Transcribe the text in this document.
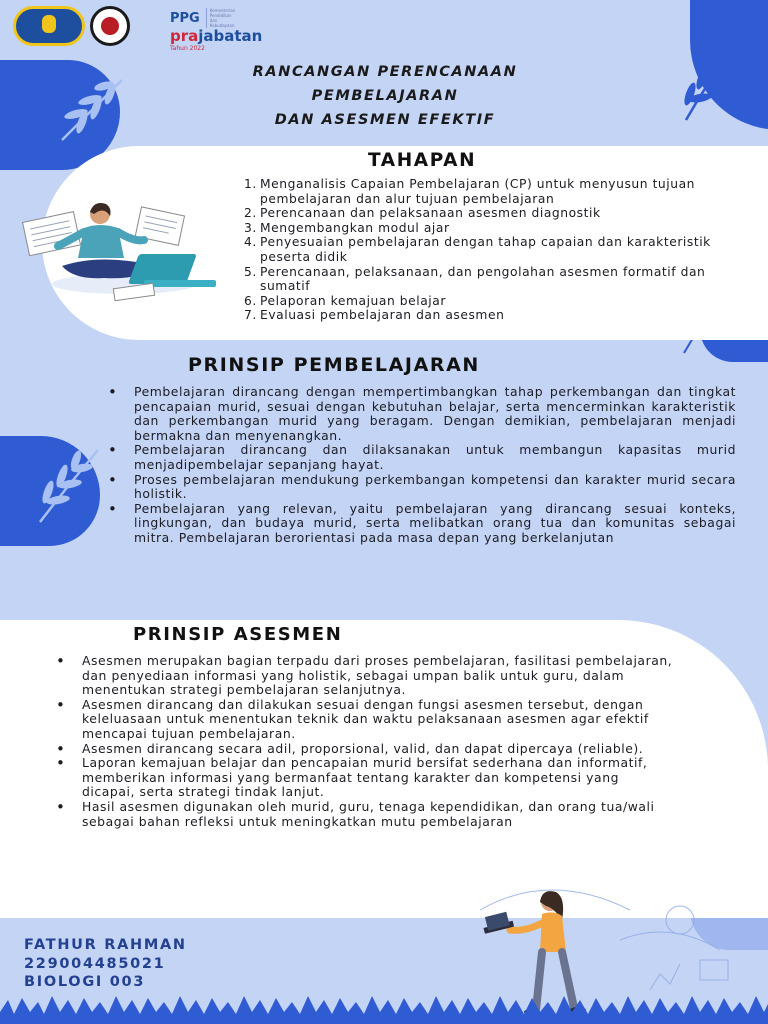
PPG	Kementerian Pendidikan dan Kebudayaan
prajabatan
Tahun 2022
RANCANGAN PERENCANAAN
PEMBELAJARAN
DAN ASESMEN EFEKTIF
TAHAPAN
1. Menganalisis Capaian Pembelajaran (CP) untuk menyusun tujuan pembelajaran dan alur tujuan pembelajaran
2. Perencanaan dan pelaksanaan asesmen diagnostik
3. Mengembangkan modul ajar
4. Penyesuaian pembelajaran dengan tahap capaian dan karakteristik peserta didik
5. Perencanaan, pelaksanaan, dan pengolahan asesmen formatif dan sumatif
6. Pelaporan kemajuan belajar
7. Evaluasi pembelajaran dan asesmen
PRINSIP PEMBELAJARAN
• Pembelajaran dirancang dengan mempertimbangkan tahap perkembangan dan tingkat pencapaian murid, sesuai dengan kebutuhan belajar, serta mencerminkan karakteristik dan perkembangan murid yang beragam. Dengan demikian, pembelajaran menjadi bermakna dan menyenangkan.
• Pembelajaran dirancang dan dilaksanakan untuk membangun kapasitas murid menjadipembelajar sepanjang hayat.
• Proses pembelajaran mendukung perkembangan kompetensi dan karakter murid secara holistik.
• Pembelajaran yang relevan, yaitu pembelajaran yang dirancang sesuai konteks, lingkungan, dan budaya murid, serta melibatkan orang tua dan komunitas sebagai mitra. Pembelajaran berorientasi pada masa depan yang berkelanjutan
PRINSIP ASESMEN
• Asesmen merupakan bagian terpadu dari proses pembelajaran, fasilitasi pembelajaran, dan penyediaan informasi yang holistik, sebagai umpan balik untuk guru, dalam menentukan strategi pembelajaran selanjutnya.
• Asesmen dirancang dan dilakukan sesuai dengan fungsi asesmen tersebut, dengan keleluasaan untuk menentukan teknik dan waktu pelaksanaan asesmen agar efektif mencapai tujuan pembelajaran.
• Asesmen dirancang secara adil, proporsional, valid, dan dapat dipercaya (reliable).
• Laporan kemajuan belajar dan pencapaian murid bersifat sederhana dan informatif, memberikan informasi yang bermanfaat tentang karakter dan kompetensi yang dicapai, serta strategi tindak lanjut.
• Hasil asesmen digunakan oleh murid, guru, tenaga kependidikan, dan orang tua/wali sebagai bahan refleksi untuk meningkatkan mutu pembelajaran
FATHUR RAHMAN
22900448502​1
BIOLOGI 003
